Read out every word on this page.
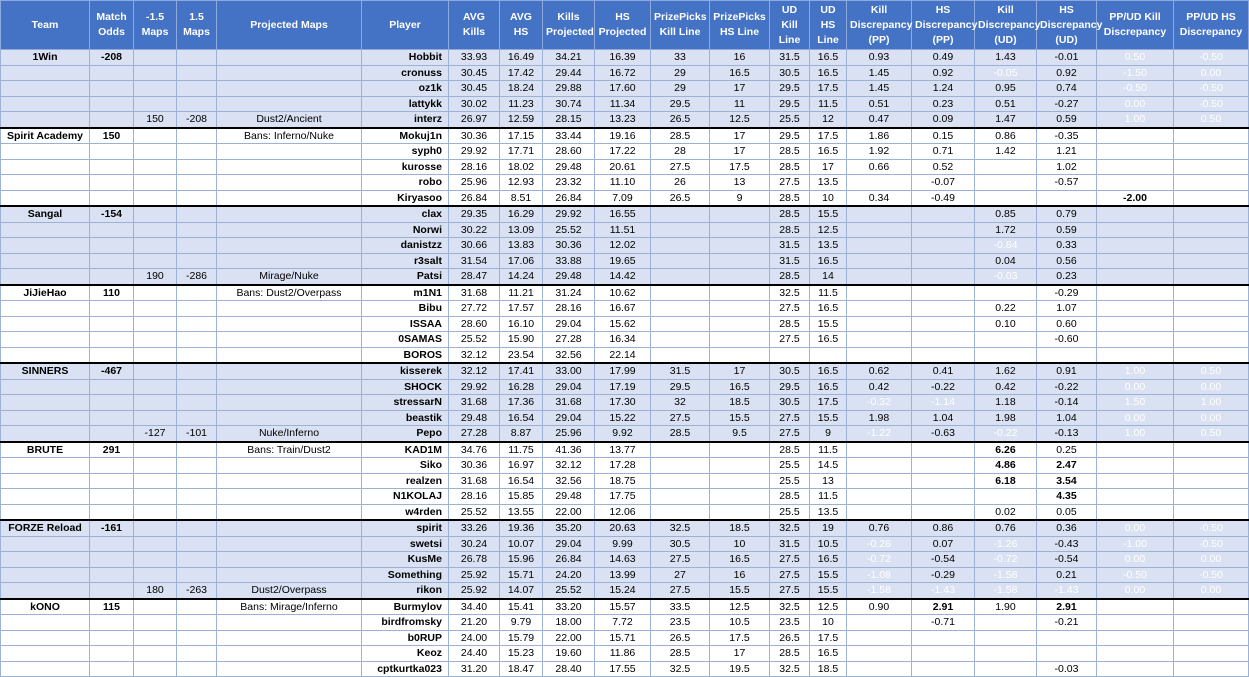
Team	Match Odds	-1.5 Maps	1.5 Maps	Projected Maps	Player	AVG Kills	AVG HS	Kills Projected	HS Projected	PrizePicks Kill Line	PrizePicks HS Line	UD Kill Line	UD HS Line	Kill Discrepancy (PP)	HS Discrepancy (PP)	Kill Discrepancy (UD)	HS Discrepancy (UD)	PP/UD Kill Discrepancy	PP/UD HS Discrepancy
1Win	-208				Hobbit	33.93	16.49	34.21	16.39	33	16	31.5	16.5	0.93	0.49	1.43	-0.01	0.50	-0.50
					cronuss	30.45	17.42	29.44	16.72	29	16.5	30.5	16.5	1.45	0.92	-0.05	0.92	-1.50	0.00
					oz1k	30.45	18.24	29.88	17.60	29	17	29.5	17.5	1.45	1.24	0.95	0.74	-0.50	-0.50
					lattykk	30.02	11.23	30.74	11.34	29.5	11	29.5	11.5	0.51	0.23	0.51	-0.27	0.00	-0.50
		150	-208	Dust2/Ancient	interz	26.97	12.59	28.15	13.23	26.5	12.5	25.5	12	0.47	0.09	1.47	0.59	1.00	0.50
Spirit Academy	150			Bans: Inferno/Nuke	Mokuj1n	30.36	17.15	33.44	19.16	28.5	17	29.5	17.5	1.86	0.15	0.86	-0.35	-1.00	-0.50
					syph0	29.92	17.71	28.60	17.22	28	17	28.5	16.5	1.92	0.71	1.42	1.21	-0.50	0.50
					kurosse	28.16	18.02	29.48	20.61	27.5	17.5	28.5	17	0.66	0.52	-0.34	1.02	-1.00	0.50
					robo	25.96	12.93	23.32	11.10	26	13	27.5	13.5	-0.04	-0.07	-1.54	-0.57	-1.50	-0.50
					Kiryasoo	26.84	8.51	26.84	7.09	26.5	9	28.5	10	0.34	-0.49	-1.66	-1.49	-2.00	-1.00
Sangal	-154				clax	29.35	16.29	29.92	16.55			28.5	15.5			0.85	0.79		
					Norwi	30.22	13.09	25.52	11.51			28.5	12.5			1.72	0.59		
					danistzz	30.66	13.83	30.36	12.02			31.5	13.5			-0.84	0.33		
					r3salt	31.54	17.06	33.88	19.65			31.5	16.5			0.04	0.56		
		190	-286	Mirage/Nuke	Patsi	28.47	14.24	29.48	14.42			28.5	14			-0.03	0.23		
JiJieHao	110			Bans: Dust2/Overpass	m1N1	31.68	11.21	31.24	10.62			32.5	11.5			-0.82	-0.29		
					Bibu	27.72	17.57	28.16	16.67			27.5	16.5			0.22	1.07		
					ISSAA	28.60	16.10	29.04	15.62			28.5	15.5			0.10	0.60		
					0SAMAS	25.52	15.90	27.28	16.34			27.5	16.5			-1.98	-0.60		
					BOROS	32.12	23.54	32.56	22.14										
SINNERS	-467				kisserek	32.12	17.41	33.00	17.99	31.5	17	30.5	16.5	0.62	0.41	1.62	0.91	1.00	0.50
					SHOCK	29.92	16.28	29.04	17.19	29.5	16.5	29.5	16.5	0.42	-0.22	0.42	-0.22	0.00	0.00
					stressarN	31.68	17.36	31.68	17.30	32	18.5	30.5	17.5	-0.32	-1.14	1.18	-0.14	1.50	1.00
					beastik	29.48	16.54	29.04	15.22	27.5	15.5	27.5	15.5	1.98	1.04	1.98	1.04	0.00	0.00
		-127	-101	Nuke/Inferno	Pepo	27.28	8.87	25.96	9.92	28.5	9.5	27.5	9	-1.22	-0.63	-0.22	-0.13	1.00	0.50
BRUTE	291			Bans: Train/Dust2	KAD1M	34.76	11.75	41.36	13.77			28.5	11.5			6.26	0.25		
					Siko	30.36	16.97	32.12	17.28			25.5	14.5			4.86	2.47		
					realzen	31.68	16.54	32.56	18.75			25.5	13			6.18	3.54		
					N1KOLAJ	28.16	15.85	29.48	17.75			28.5	11.5			-0.34	4.35		
					w4rden	25.52	13.55	22.00	12.06			25.5	13.5			0.02	0.05		
FORZE Reload	-161				spirit	33.26	19.36	35.20	20.63	32.5	18.5	32.5	19	0.76	0.86	0.76	0.36	0.00	-0.50
					swetsi	30.24	10.07	29.04	9.99	30.5	10	31.5	10.5	-0.26	0.07	-1.26	-0.43	-1.00	-0.50
					KusMe	26.78	15.96	26.84	14.63	27.5	16.5	27.5	16.5	-0.72	-0.54	-0.72	-0.54	0.00	0.00
					Something	25.92	15.71	24.20	13.99	27	16	27.5	15.5	-1.08	-0.29	-1.58	0.21	-0.50	-0.50
		180	-263	Dust2/Overpass	rikon	25.92	14.07	25.52	15.24	27.5	15.5	27.5	15.5	-1.58	-1.43	-1.58	-1.43	0.00	0.00
kONO	115			Bans: Mirage/Inferno	Burmylov	34.40	15.41	33.20	15.57	33.5	12.5	32.5	12.5	0.90	2.91	1.90	2.91	1.00	0.00
					birdfromsky	21.20	9.79	18.00	7.72	23.5	10.5	23.5	10	-2.30	-0.71	-2.30	-0.21	0.00	0.50
					b0RUP	24.00	15.79	22.00	15.71	26.5	17.5	26.5	17.5	-2.50	-1.71	-2.50	-1.71	0.00	0.00
					Keoz	24.40	15.23	19.60	11.86	28.5	17	28.5	16.5	-4.10	-1.77	-4.10	-1.27	0.00	0.50
					cptkurtka023	31.20	18.47	28.40	17.55	32.5	19.5	32.5	18.5	-1.30	-1.03	-1.30	-0.03	0.00	1.00
